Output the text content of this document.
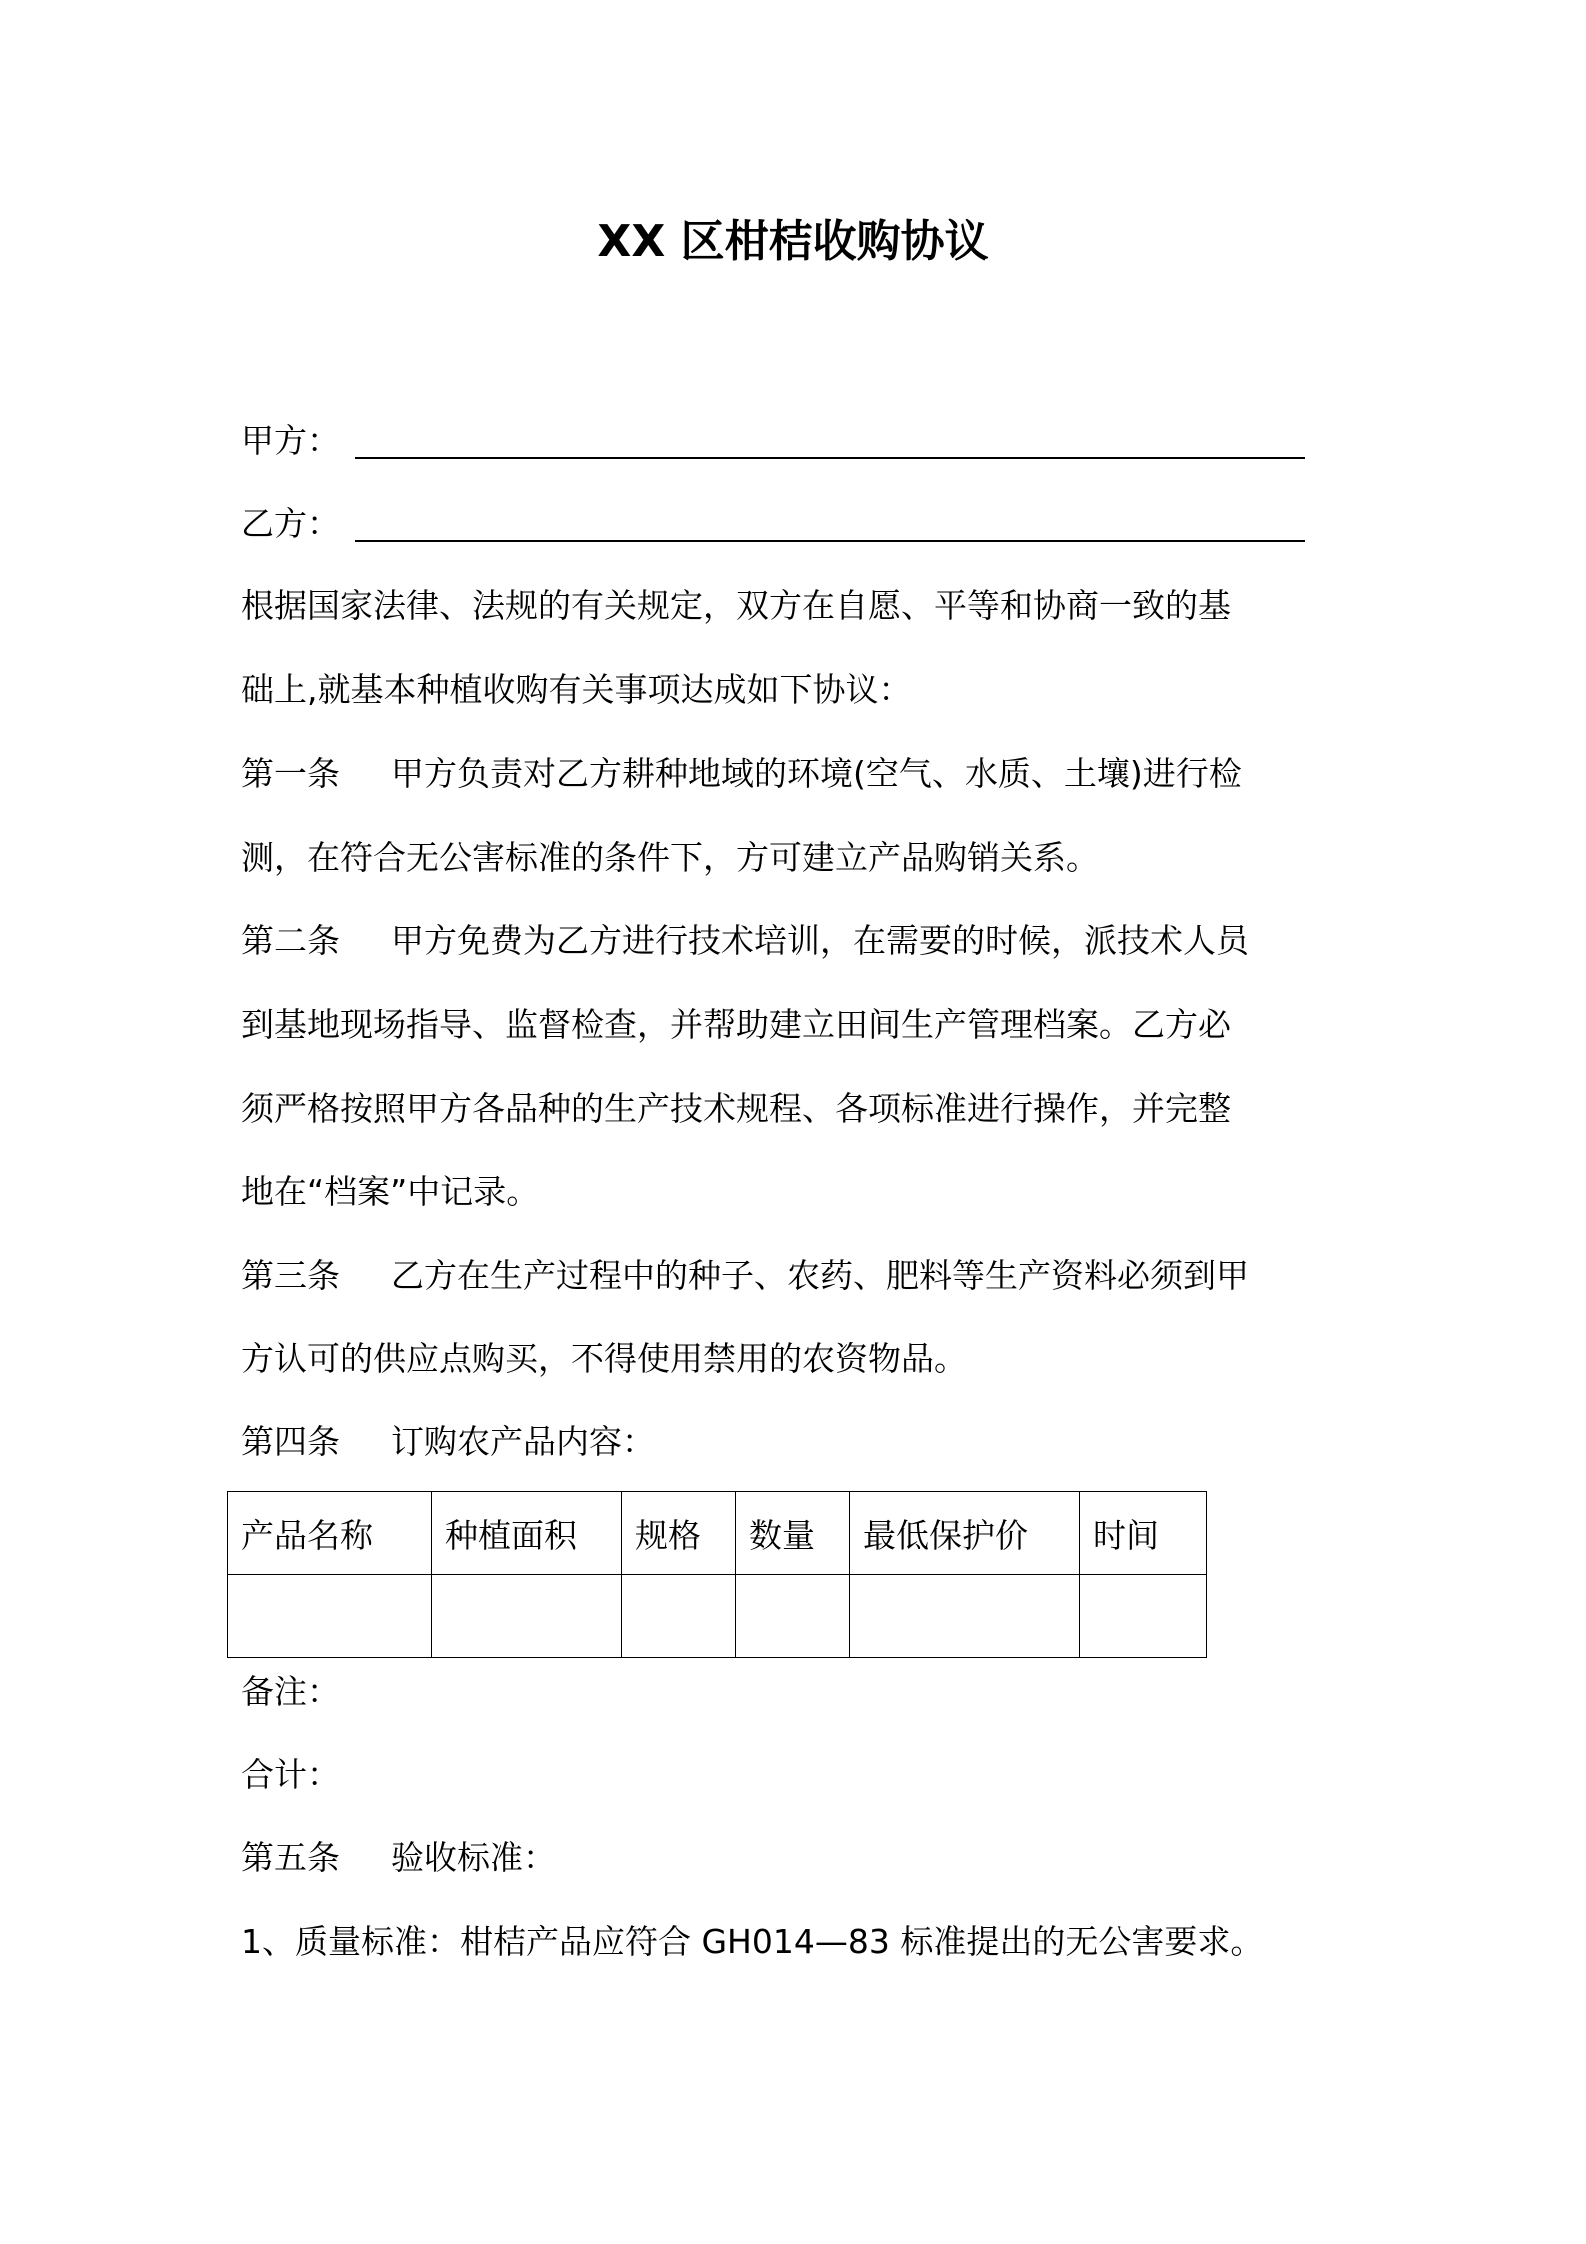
XX 区柑桔收购协议
甲方：
乙方：
根据国家法律、法规的有关规定，双方在自愿、平等和协商一致的基
础上,就基本种植收购有关事项达成如下协议：
第一条 甲方负责对乙方耕种地域的环境(空气、水质、土壤)进行检
测，在符合无公害标准的条件下，方可建立产品购销关系。
第二条 甲方免费为乙方进行技术培训，在需要的时候，派技术人员
到基地现场指导、监督检查，并帮助建立田间生产管理档案。乙方必
须严格按照甲方各品种的生产技术规程、各项标准进行操作，并完整
地在“档案”中记录。
第三条 乙方在生产过程中的种子、农药、肥料等生产资料必须到甲
方认可的供应点购买，不得使用禁用的农资物品。
第四条 订购农产品内容：
产品名称	种植面积	规格	数量	最低保护价	时间

备注：
合计：
第五条 验收标准：
1、质量标准：柑桔产品应符合 GH014—83 标准提出的无公害要求。
